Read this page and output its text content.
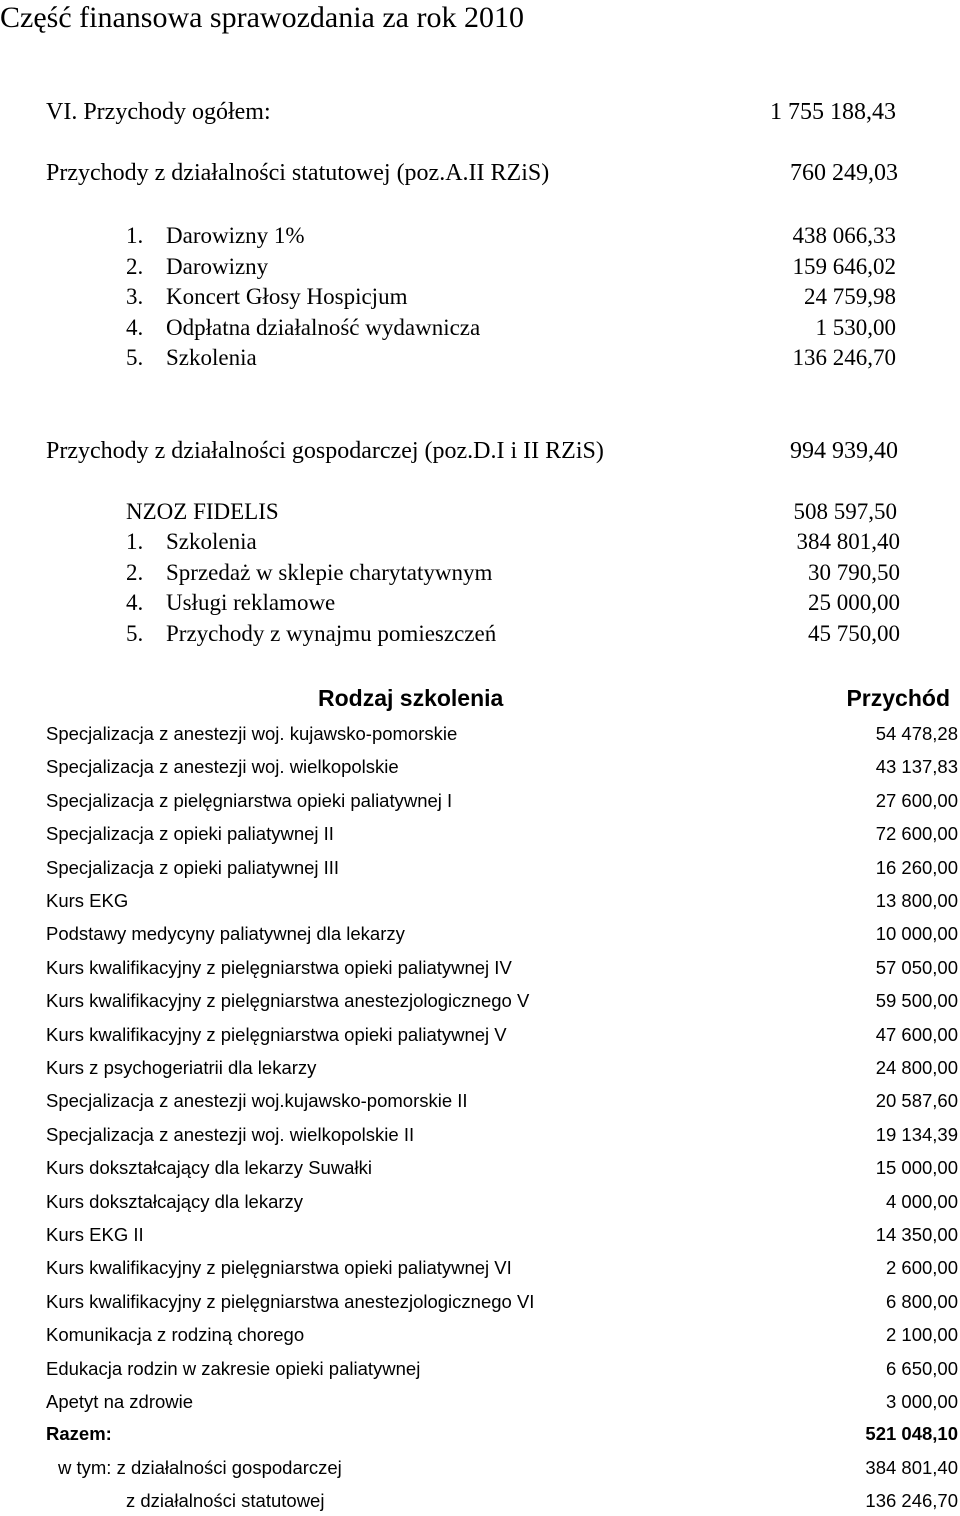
Część finansowa sprawozdania za rok 2010
VI. Przychody ogółem:	1 755 188,43
Przychody z działalności statutowej (poz.A.II RZiS)	760 249,03
1. Darowizny 1%	438 066,33
2. Darowizny	159 646,02
3. Koncert Głosy Hospicjum	24 759,98
4. Odpłatna działalność wydawnicza	1 530,00
5. Szkolenia	136 246,70
Przychody z działalności gospodarczej (poz.D.I i II RZiS)	994 939,40
NZOZ FIDELIS	508 597,50
1. Szkolenia	384 801,40
2. Sprzedaż w sklepie charytatywnym	30 790,50
4. Usługi reklamowe	25 000,00
5. Przychody z wynajmu pomieszczeń	45 750,00
Rodzaj szkolenia	Przychód
Specjalizacja z anestezji woj. kujawsko-pomorskie	54 478,28
Specjalizacja z anestezji woj. wielkopolskie	43 137,83
Specjalizacja z pielęgniarstwa opieki paliatywnej I	27 600,00
Specjalizacja z opieki paliatywnej II	72 600,00
Specjalizacja z opieki paliatywnej III	16 260,00
Kurs EKG	13 800,00
Podstawy medycyny paliatywnej dla lekarzy	10 000,00
Kurs kwalifikacyjny z pielęgniarstwa opieki paliatywnej IV	57 050,00
Kurs kwalifikacyjny z pielęgniarstwa anestezjologicznego V	59 500,00
Kurs kwalifikacyjny z pielęgniarstwa opieki paliatywnej V	47 600,00
Kurs z psychogeriatrii dla lekarzy	24 800,00
Specjalizacja z anestezji woj.kujawsko-pomorskie II	20 587,60
Specjalizacja z anestezji woj. wielkopolskie II	19 134,39
Kurs dokształcający dla lekarzy Suwałki	15 000,00
Kurs dokształcający dla lekarzy	4 000,00
Kurs EKG II	14 350,00
Kurs kwalifikacyjny z pielęgniarstwa opieki paliatywnej VI	2 600,00
Kurs kwalifikacyjny z pielęgniarstwa anestezjologicznego VI	6 800,00
Komunikacja z rodziną chorego	2 100,00
Edukacja rodzin w zakresie opieki paliatywnej	6 650,00
Apetyt na zdrowie	3 000,00
Razem:	521 048,10
w tym: z działalności gospodarczej	384 801,40
z działalności statutowej	136 246,70
